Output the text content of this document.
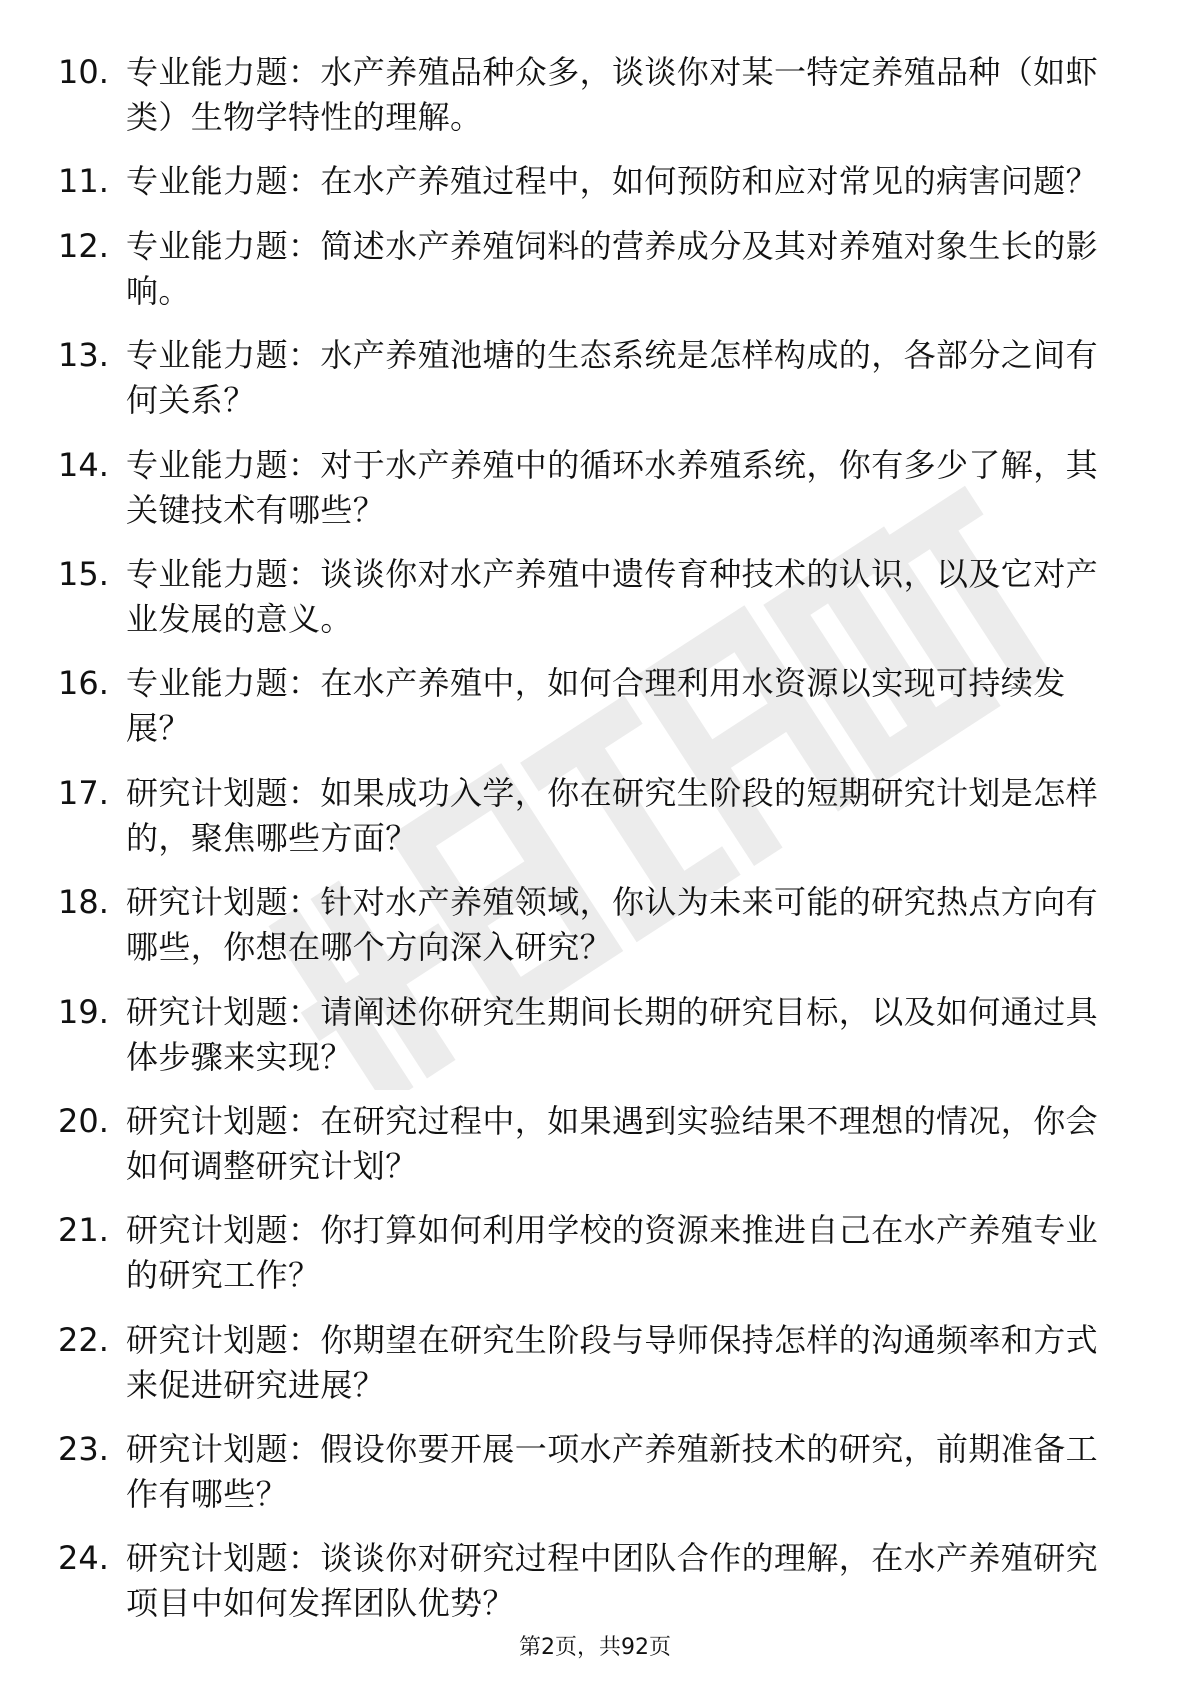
10. 专业能力题：水产养殖品种众多，谈谈你对某一特定养殖品种（如虾类）生物学特性的理解。
11. 专业能力题：在水产养殖过程中，如何预防和应对常见的病害问题？
12. 专业能力题：简述水产养殖饲料的营养成分及其对养殖对象生长的影响。
13. 专业能力题：水产养殖池塘的生态系统是怎样构成的，各部分之间有何关系？
14. 专业能力题：对于水产养殖中的循环水养殖系统，你有多少了解，其关键技术有哪些？
15. 专业能力题：谈谈你对水产养殖中遗传育种技术的认识，以及它对产业发展的意义。
16. 专业能力题：在水产养殖中，如何合理利用水资源以实现可持续发展？
17. 研究计划题：如果成功入学，你在研究生阶段的短期研究计划是怎样的，聚焦哪些方面？
18. 研究计划题：针对水产养殖领域，你认为未来可能的研究热点方向有哪些，你想在哪个方向深入研究？
19. 研究计划题：请阐述你研究生期间长期的研究目标，以及如何通过具体步骤来实现？
20. 研究计划题：在研究过程中，如果遇到实验结果不理想的情况，你会如何调整研究计划？
21. 研究计划题：你打算如何利用学校的资源来推进自己在水产养殖专业的研究工作？
22. 研究计划题：你期望在研究生阶段与导师保持怎样的沟通频率和方式来促进研究进展？
23. 研究计划题：假设你要开展一项水产养殖新技术的研究，前期准备工作有哪些？
24. 研究计划题：谈谈你对研究过程中团队合作的理解，在水产养殖研究项目中如何发挥团队优势？
第2页，共92页
